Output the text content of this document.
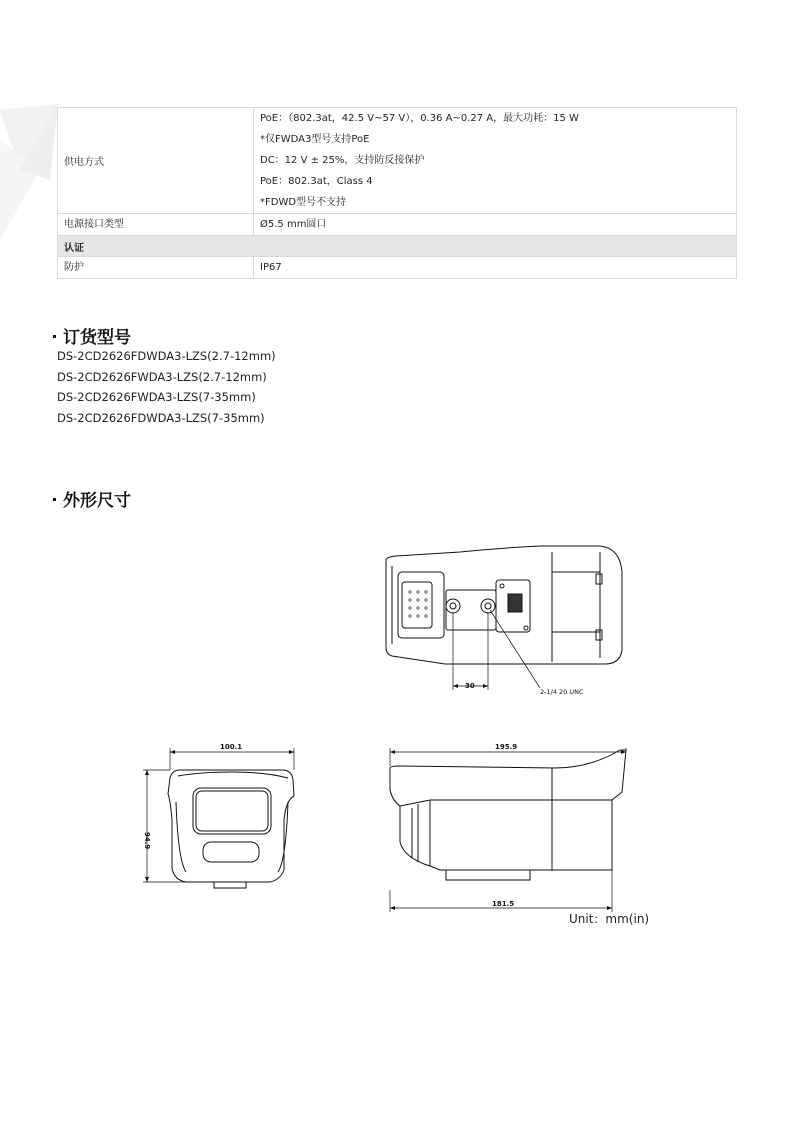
供电方式	PoE：（802.3at，42.5 V~57 V），0.36 A~0.27 A，最大功耗：15 W
*仅FWDA3型号支持PoE
DC：12 V ± 25%，支持防反接保护
PoE：802.3at，Class 4
*FDWD型号不支持

电源接口类型	Ø5.5 mm圆口
认证	
防护	IP67
订货型号
DS-2CD2626FDWDA3-LZS(2.7-12mm)
DS-2CD2626FWDA3-LZS(2.7-12mm)
DS-2CD2626FWDA3-LZS(7-35mm)
DS-2CD2626FDWDA3-LZS(7-35mm)
外形尺寸
30
2-1/4 20 UNC
100.1
94.9
195.9
181.5
Unit：mm(in)
